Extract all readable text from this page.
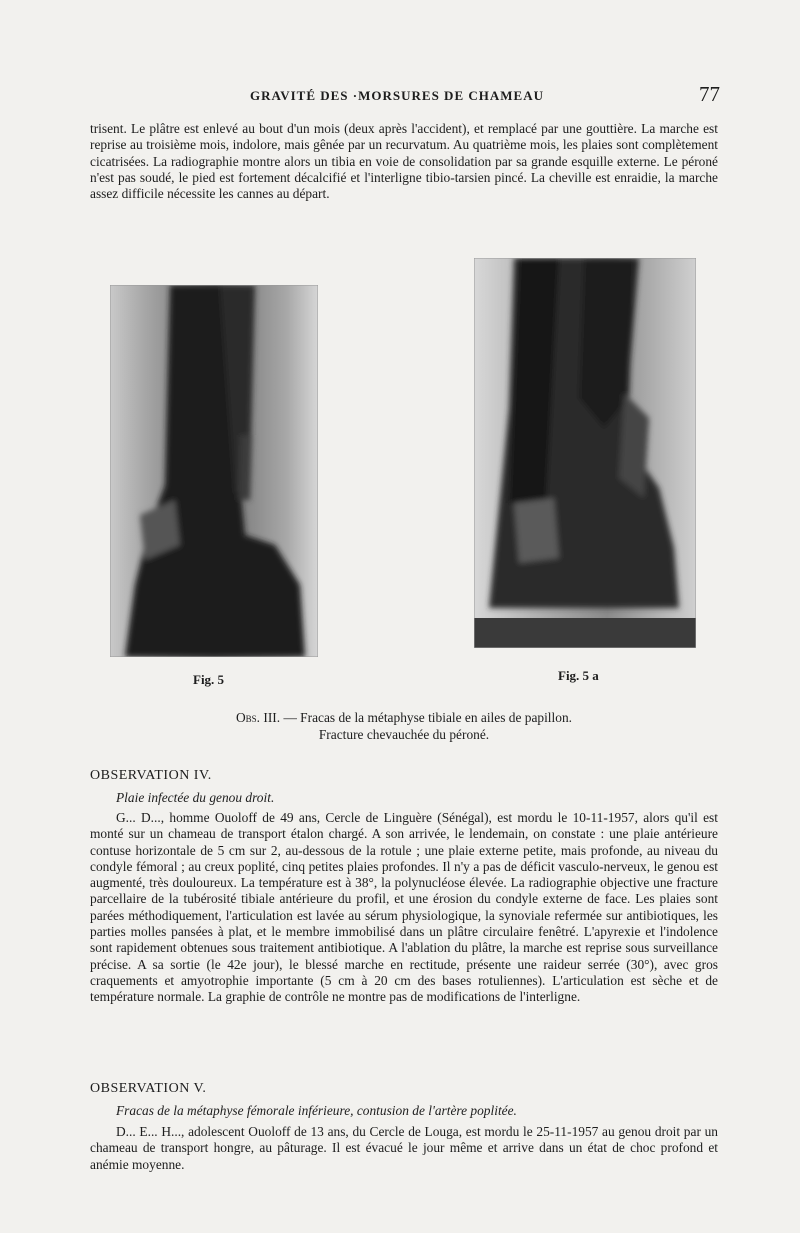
GRAVITÉ DES ·MORSURES DE CHAMEAU	77

trisent. Le plâtre est enlevé au bout d'un mois (deux après l'accident), et remplacé par une gouttière. La marche est reprise au troisième mois, indolore, mais gênée par un recurvatum. Au quatrième mois, les plaies sont complètement cicatrisées. La radiographie montre alors un tibia en voie de consolidation par sa grande esquille externe. Le péroné n'est pas soudé, le pied est fortement décalcifié et l'interligne tibio-tarsien pincé. La cheville est enraidie, la marche assez difficile nécessite les cannes au départ.

Fig. 5	Fig. 5 a

Obs. III. — Fracas de la métaphyse tibiale en ailes de papillon.

Fracture chevauchée du péroné.

OBSERVATION IV.

Plaie infectée du genou droit.

G... D..., homme Ouoloff de 49 ans, Cercle de Linguère (Sénégal), est mordu le 10-11-1957, alors qu'il est monté sur un chameau de transport étalon chargé. A son arrivée, le lendemain, on constate : une plaie antérieure contuse horizontale de 5 cm sur 2, au-dessous de la rotule ; une plaie externe petite, mais profonde, au niveau du condyle fémoral ; au creux poplité, cinq petites plaies profondes. Il n'y a pas de déficit vasculo-nerveux, le genou est augmenté, très douloureux. La température est à 38°, la polynucléose élevée. La radiographie objective une fracture parcellaire de la tubérosité tibiale antérieure du profil, et une érosion du condyle externe de face. Les plaies sont parées méthodiquement, l'articulation est lavée au sérum physiologique, la synoviale refermée sur antibiotiques, les parties molles pansées à plat, et le membre immobilisé dans un plâtre circulaire fenêtré. L'apyrexie et l'indolence sont rapidement obtenues sous traitement antibiotique. A l'ablation du plâtre, la marche est reprise sous surveillance précise. A sa sortie (le 42e jour), le blessé marche en rectitude, présente une raideur serrée (30°), avec gros craquements et amyotrophie importante (5 cm à 20 cm des bases rotuliennes). L'articulation est sèche et de température normale. La graphie de contrôle ne montre pas de modifications de l'interligne.

OBSERVATION V.

Fracas de la métaphyse fémorale inférieure, contusion de l'artère poplitée.

D... E... H..., adolescent Ouoloff de 13 ans, du Cercle de Louga, est mordu le 25-11-1957 au genou droit par un chameau de transport hongre, au pâturage. Il est évacué le jour même et arrive dans un état de choc profond et anémie moyenne.
